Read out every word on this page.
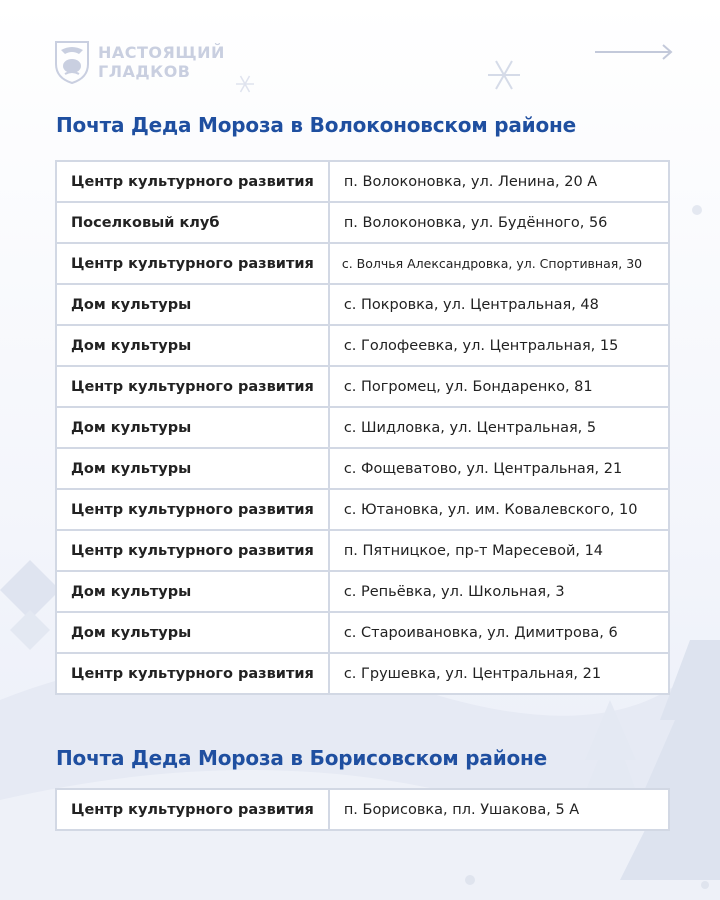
НАСТОЯЩИЙ
ГЛАДКОВ
Почта Деда Мороза в Волоконовском районе
Центр культурного развития	п. Волоконовка, ул. Ленина, 20 А
Поселковый клуб	п. Волоконовка, ул. Будённого, 56
Центр культурного развития	с. Волчья Александровка, ул. Спортивная, 30
Дом культуры	с. Покровка, ул. Центральная, 48
Дом культуры	с. Голофеевка, ул. Центральная, 15
Центр культурного развития	с. Погромец, ул. Бондаренко, 81
Дом культуры	с. Шидловка, ул. Центральная, 5
Дом культуры	с. Фощеватово, ул. Центральная, 21
Центр культурного развития	с. Ютановка, ул. им. Ковалевского, 10
Центр культурного развития	п. Пятницкое, пр-т Маресевой, 14
Дом культуры	с. Репьёвка, ул. Школьная, 3
Дом культуры	с. Староивановка, ул. Димитрова, 6
Центр культурного развития	с. Грушевка, ул. Центральная, 21
Почта Деда Мороза в Борисовском районе
Центр культурного развития	п. Борисовка, пл. Ушакова, 5 А
